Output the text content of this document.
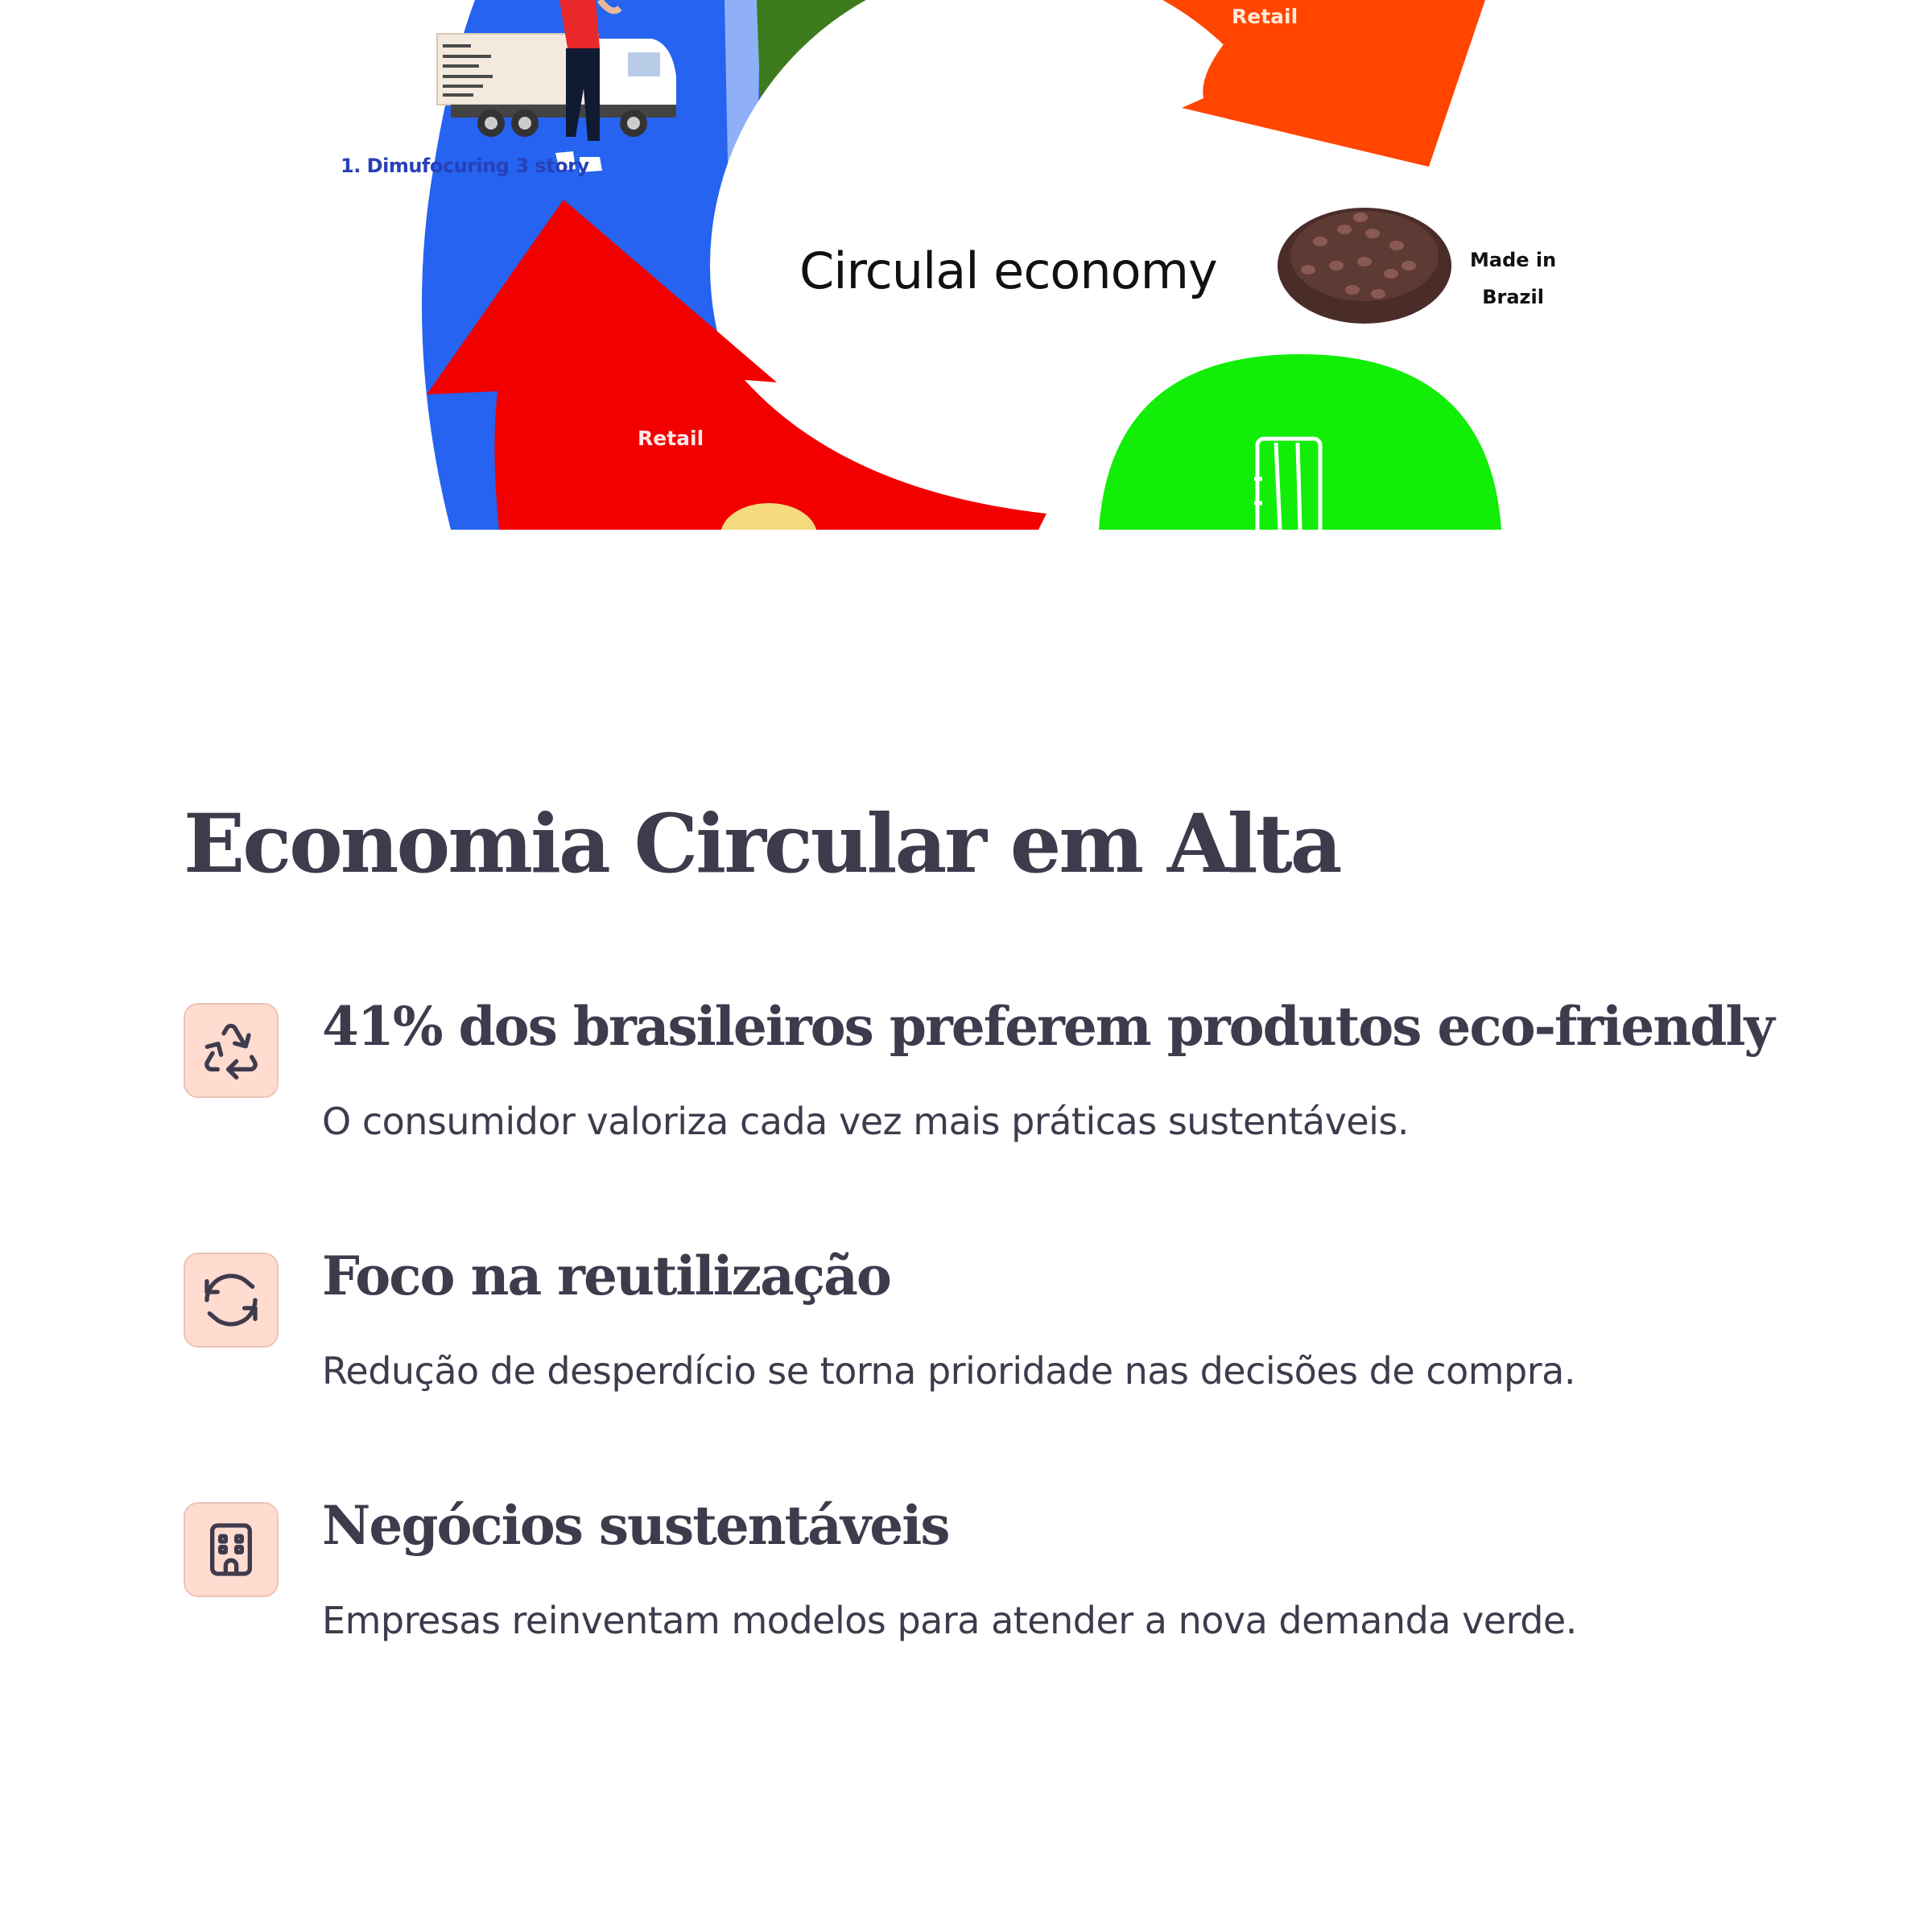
Retail
1. Dimufocuring 3 story
Circulal economy
Retail
Made in
Brazil
Economia Circular em Alta
41% dos brasileiros preferem produtos eco-friendly

O consumidor valoriza cada vez mais práticas sustentáveis.

Foco na reutilização

Redução de desperdício se torna prioridade nas decisões de compra.

Negócios sustentáveis

Empresas reinventam modelos para atender a nova demanda verde.
